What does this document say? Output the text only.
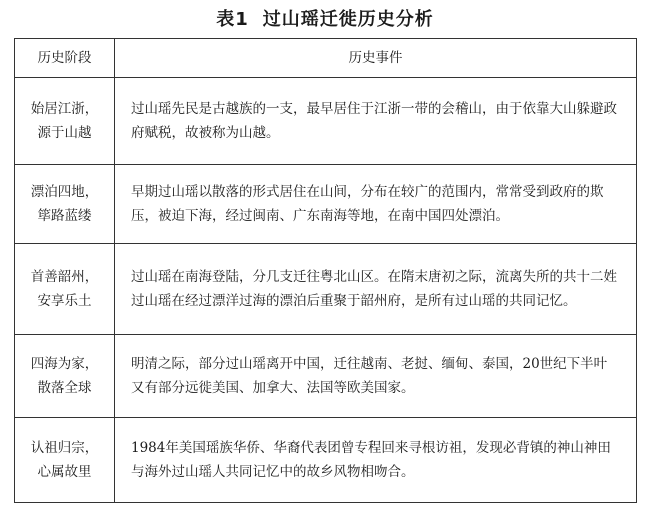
表1 过山瑶迁徙历史分析
历史阶段	历史事件

始居江浙，
源于山越	过山瑶先民是古越族的一支，最早居住于江浙一带的会稽山，由于依靠大山躲避政府赋税，故被称为山越。

漂泊四地，
筚路蓝缕	早期过山瑶以散落的形式居住在山间，分布在较广的范围内，常常受到政府的欺压，被迫下海，经过闽南、广东南海等地，在南中国四处漂泊。

首善韶州，
安享乐土	过山瑶在南海登陆，分几支迁往粤北山区。在隋末唐初之际，流离失所的共十二姓过山瑶在经过漂洋过海的漂泊后重聚于韶州府，是所有过山瑶的共同记忆。

四海为家，
散落全球	明清之际，部分过山瑶离开中国，迁往越南、老挝、缅甸、泰国，20世纪下半叶又有部分远徙美国、加拿大、法国等欧美国家。

认祖归宗，
心属故里	1984年美国瑶族华侨、华裔代表团曾专程回来寻根访祖，发现必背镇的神山神田与海外过山瑶人共同记忆中的故乡风物相吻合。
